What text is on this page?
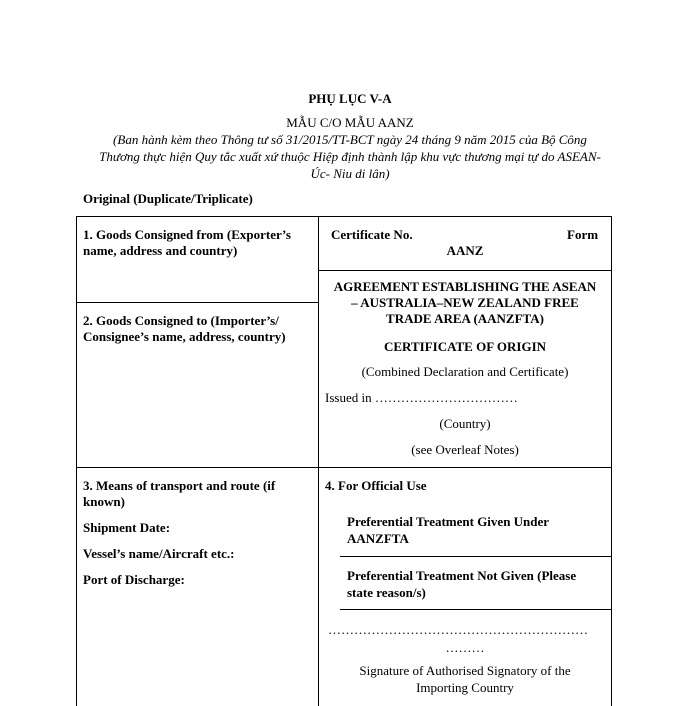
PHỤ LỤC V-A
MẪU C/O MẪU AANZ
(Ban hành kèm theo Thông tư số 31/2015/TT-BCT ngày 24 tháng 9 năm 2015 của Bộ Công
Thương thực hiện Quy tắc xuất xứ thuộc Hiệp định thành lập khu vực thương mại tự do ASEAN-
Úc- Niu di lân)
Original (Duplicate/Triplicate)
1. Goods Consigned from (Exporter’s
name, address and country)
2. Goods Consigned to (Importer’s/
Consignee’s name, address, country)
Certificate No.	Form
AANZ
AGREEMENT ESTABLISHING THE ASEAN
– AUSTRALIA–NEW ZEALAND FREE
TRADE AREA (AANZFTA)
CERTIFICATE OF ORIGIN
(Combined Declaration and Certificate)
Issued in ……………………………
(Country)
(see Overleaf Notes)
3. Means of transport and route (if
known)
Shipment Date:
Vessel’s name/Aircraft etc.:
Port of Discharge:
4. For Official Use
Preferential Treatment Given Under
AANZFTA
Preferential Treatment Not Given (Please
state reason/s)
……………………………………………………
………
Signature of Authorised Signatory of the
Importing Country
